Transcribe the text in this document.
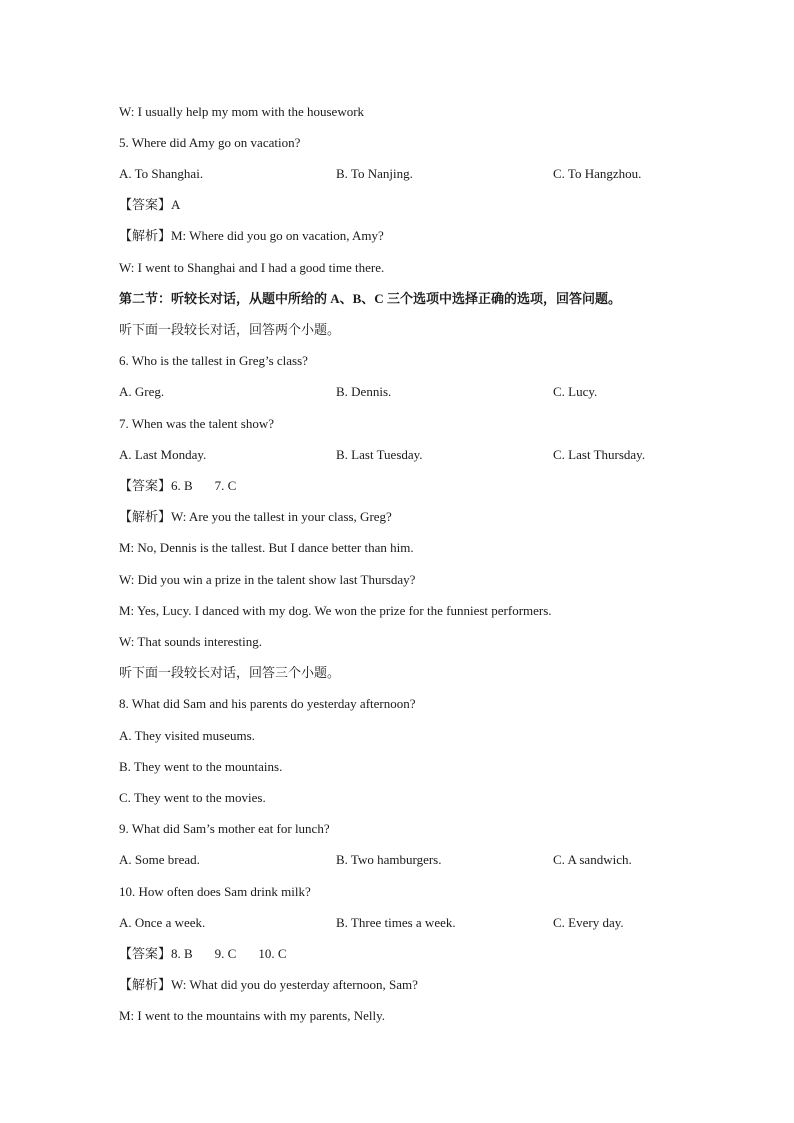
W: I usually help my mom with the housework
5. Where did Amy go on vacation?
A. To Shanghai.	B. To Nanjing.	C. To Hangzhou.
【答案】A
【解析】M: Where did you go on vacation, Amy?
W: I went to Shanghai and I had a good time there.
第二节：听较长对话，从题中所给的 A、B、C 三个选项中选择正确的选项，回答问题。
听下面一段较长对话，回答两个小题。
6. Who is the tallest in Greg’s class?
A. Greg.	B. Dennis.	C. Lucy.
7. When was the talent show?
A. Last Monday.	B. Last Tuesday.	C. Last Thursday.
【答案】6. B 7. C
【解析】W: Are you the tallest in your class, Greg?
M: No, Dennis is the tallest. But I dance better than him.
W: Did you win a prize in the talent show last Thursday?
M: Yes, Lucy. I danced with my dog. We won the prize for the funniest performers.
W: That sounds interesting.
听下面一段较长对话，回答三个小题。
8. What did Sam and his parents do yesterday afternoon?
A. They visited museums.
B. They went to the mountains.
C. They went to the movies.
9. What did Sam’s mother eat for lunch?
A. Some bread.	B. Two hamburgers.	C. A sandwich.
10. How often does Sam drink milk?
A. Once a week.	B. Three times a week.	C. Every day.
【答案】8. B 9. C 10. C
【解析】W: What did you do yesterday afternoon, Sam?
M: I went to the mountains with my parents, Nelly.
